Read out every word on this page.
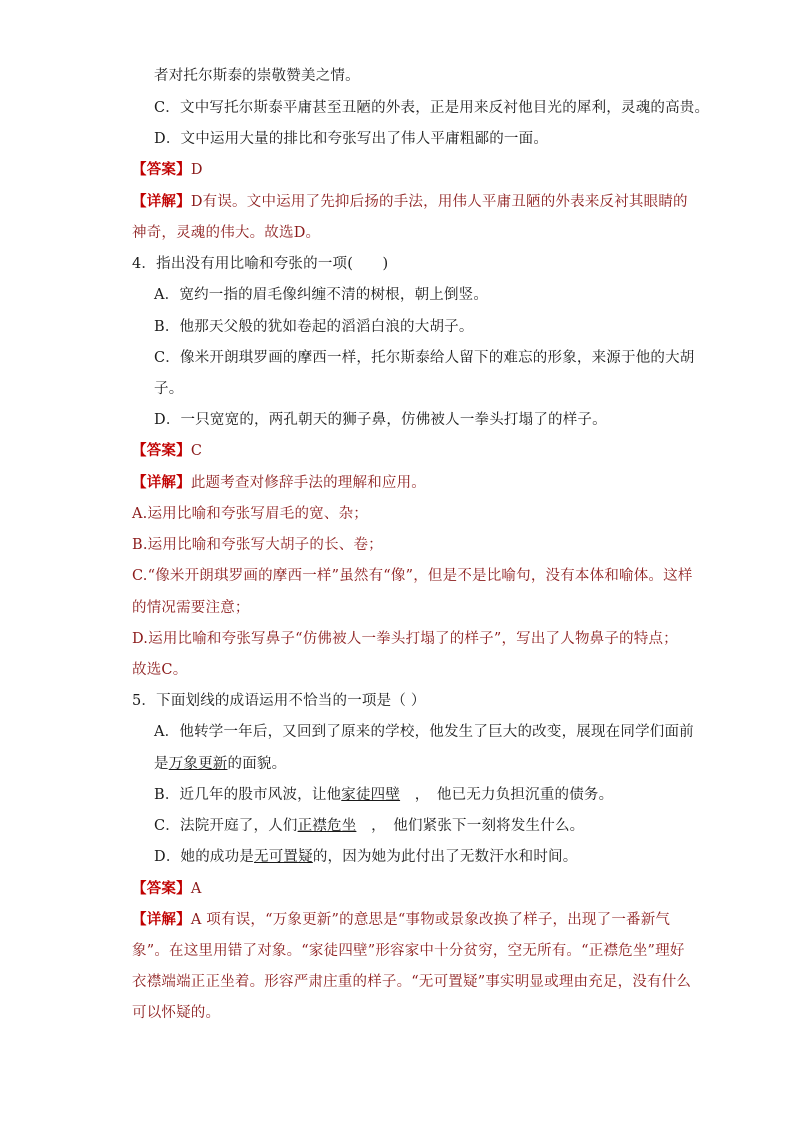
者对托尔斯泰的崇敬赞美之情。
C．文中写托尔斯泰平庸甚至丑陋的外表，正是用来反衬他目光的犀利，灵魂的高贵。
D．文中运用大量的排比和夸张写出了伟人平庸粗鄙的一面。
【答案】D
【详解】D有误。文中运用了先抑后扬的手法，用伟人平庸丑陋的外表来反衬其眼睛的
神奇，灵魂的伟大。故选D。
4．指出没有用比喻和夸张的一项(　　)
A．宽约一指的眉毛像纠缠不清的树根，朝上倒竖。
B．他那天父般的犹如卷起的滔滔白浪的大胡子。
C．像米开朗琪罗画的摩西一样，托尔斯泰给人留下的难忘的形象，来源于他的大胡
子。
D．一只宽宽的，两孔朝天的狮子鼻，仿佛被人一拳头打塌了的样子。
【答案】C
【详解】此题考查对修辞手法的理解和应用。
A.运用比喻和夸张写眉毛的宽、杂；
B.运用比喻和夸张写大胡子的长、卷；
C.“像米开朗琪罗画的摩西一样”虽然有“像”，但是不是比喻句，没有本体和喻体。这样
的情况需要注意；
D.运用比喻和夸张写鼻子“仿佛被人一拳头打塌了的样子”，写出了人物鼻子的特点；
故选C。
5．下面划线的成语运用不恰当的一项是（ ）
A．他转学一年后，又回到了原来的学校，他发生了巨大的改变，展现在同学们面前
是万象更新的面貌。
B．近几年的股市风波，让他家徒四壁　，　他已无力负担沉重的债务。
C．法院开庭了，人们正襟危坐　，　他们紧张下一刻将发生什么。
D．她的成功是无可置疑的，因为她为此付出了无数汗水和时间。
【答案】A
【详解】A 项有误，“万象更新”的意思是“事物或景象改换了样子，出现了一番新气
象”。在这里用错了对象。“家徒四壁”形容家中十分贫穷，空无所有。“正襟危坐”理好
衣襟端端正正坐着。形容严肃庄重的样子。“无可置疑”事实明显或理由充足，没有什么
可以怀疑的。
